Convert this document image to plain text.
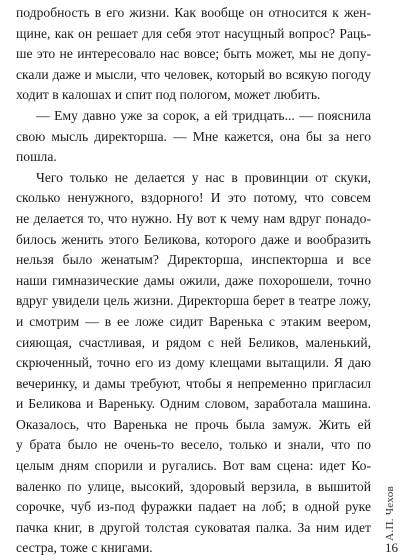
подробность в его жизни. Как вообще он относится к жен-
щине, как он решает для себя этот насущный вопрос? Раць-
ше это не интересовало нас вовсе; быть может, мы не допу-
скали даже и мысли, что человек, который во всякую погоду
ходит в калошах и спит под пологом, может любить.
— Ему давно уже за сорок, а ей тридцать... — пояснила
свою мысль директорша. — Мне кажется, она бы за него
пошла.
Чего только не делается у нас в провинции от скуки,
сколько ненужного, вздорного! И это потому, что совсем
не делается то, что нужно. Ну вот к чему нам вдруг понадо-
билось женить этого Беликова, которого даже и вообразить
нельзя было женатым? Директорша, инспекторша и все
наши гимназические дамы ожили, даже похорошели, точно
вдруг увидели цель жизни. Директорша берет в театре ложу,
и смотрим — в ее ложе сидит Варенька с этаким веером,
сияющая, счастливая, и рядом с ней Беликов, маленький,
скрюченный, точно его из дому клещами вытащили. Я даю
вечеринку, и дамы требуют, чтобы я непременно пригласил
и Беликова и Вареньку. Одним словом, заработала машина.
Оказалось, что Варенька не прочь была замуж. Жить ей
у брата было не очень-то весело, только и знали, что по
целым дням спорили и ругались. Вот вам сцена: идет Ко-
валенко по улице, высокий, здоровый верзила, в вышитой
сорочке, чуб из-под фуражки падает на лоб; в одной руке
пачка книг, в другой толстая суковатая палка. За ним идет
сестра, тоже с книгами.
А.П. Чехов
16
